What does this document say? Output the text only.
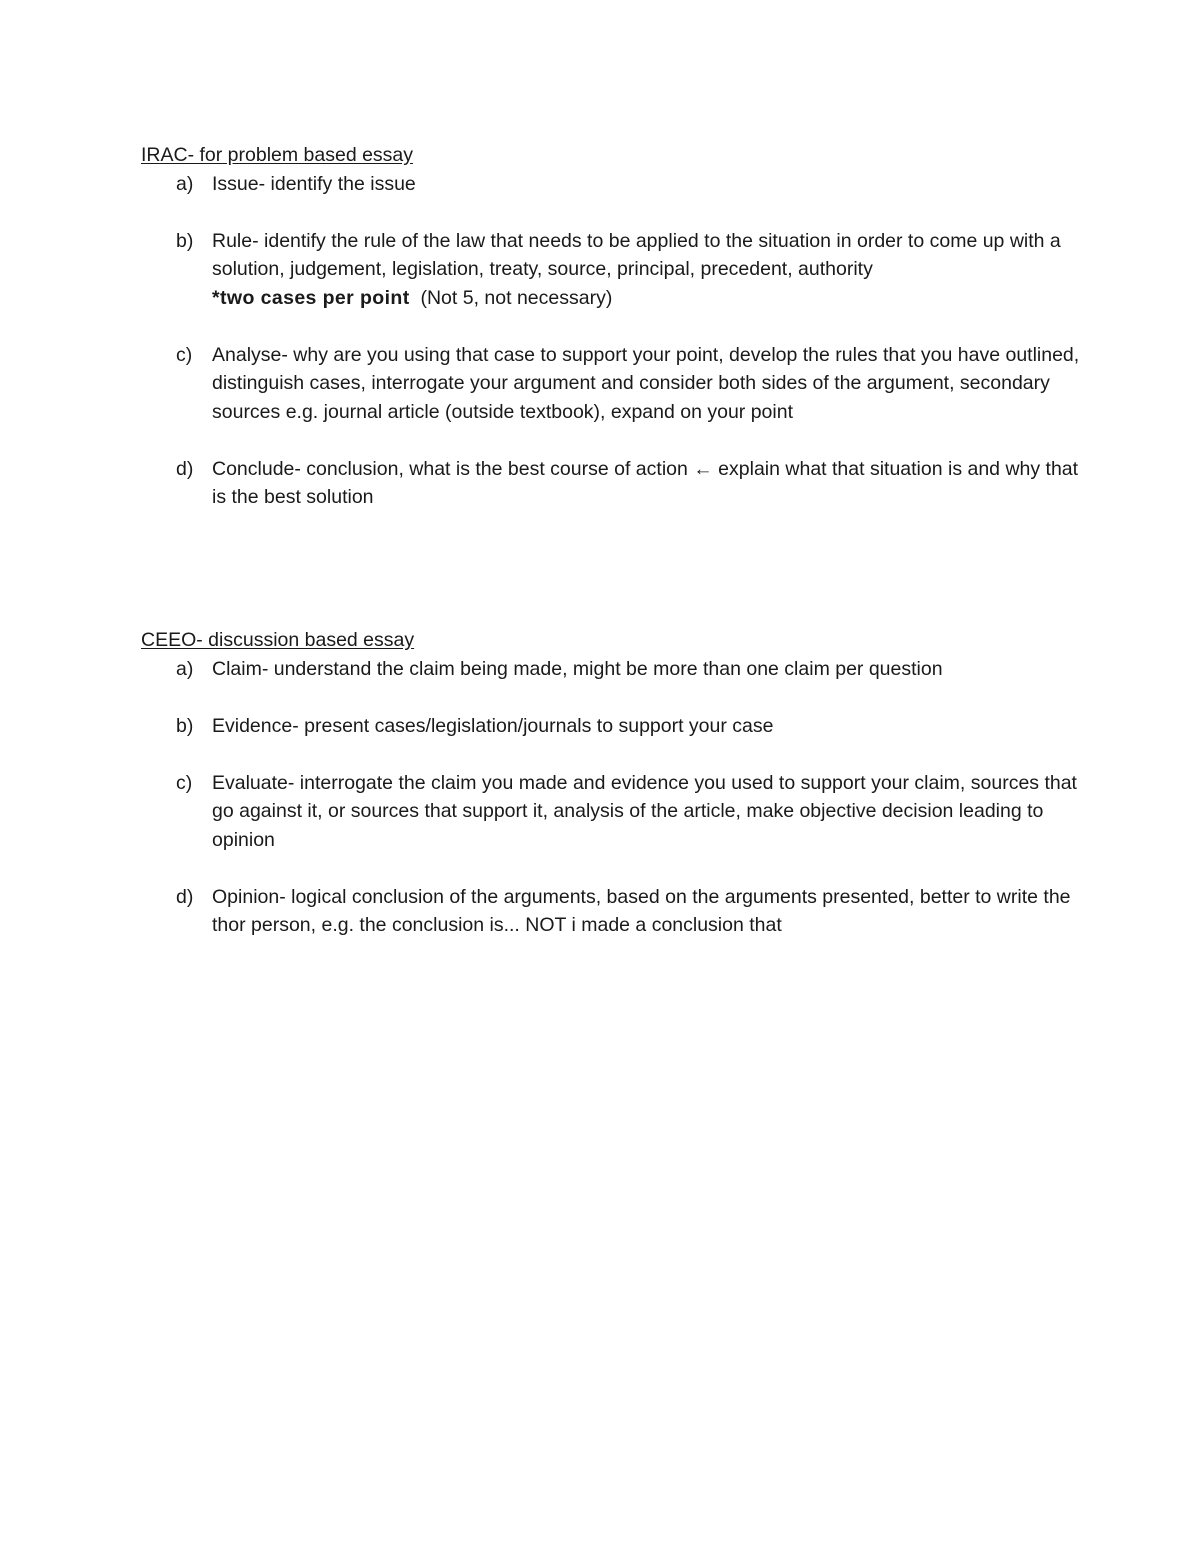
IRAC- for problem based essay
a) Issue- identify the issue
b) Rule- identify the rule of the law that needs to be applied to the situation in order to come up with a solution, judgement, legislation, treaty, source, principal, precedent, authority
*two cases per point (Not 5, not necessary)
c)	Analyse- why are you using that case to support your point, develop the rules that you have outlined, distinguish cases, interrogate your argument and consider both sides of the argument, secondary sources e.g. journal article (outside textbook), expand on your point
d) Conclude- conclusion, what is the best course of action ← explain what that situation is and why that is the best solution
CEEO- discussion based essay
a) Claim- understand the claim being made, might be more than one claim per question
b) Evidence- present cases/legislation/journals to support your case
c)	Evaluate- interrogate the claim you made and evidence you used to support your claim, sources that go against it, or sources that support it, analysis of the article, make objective decision leading to opinion
d) Opinion- logical conclusion of the arguments, based on the arguments presented, better to write the thor person, e.g. the conclusion is... NOT i made a conclusion that
